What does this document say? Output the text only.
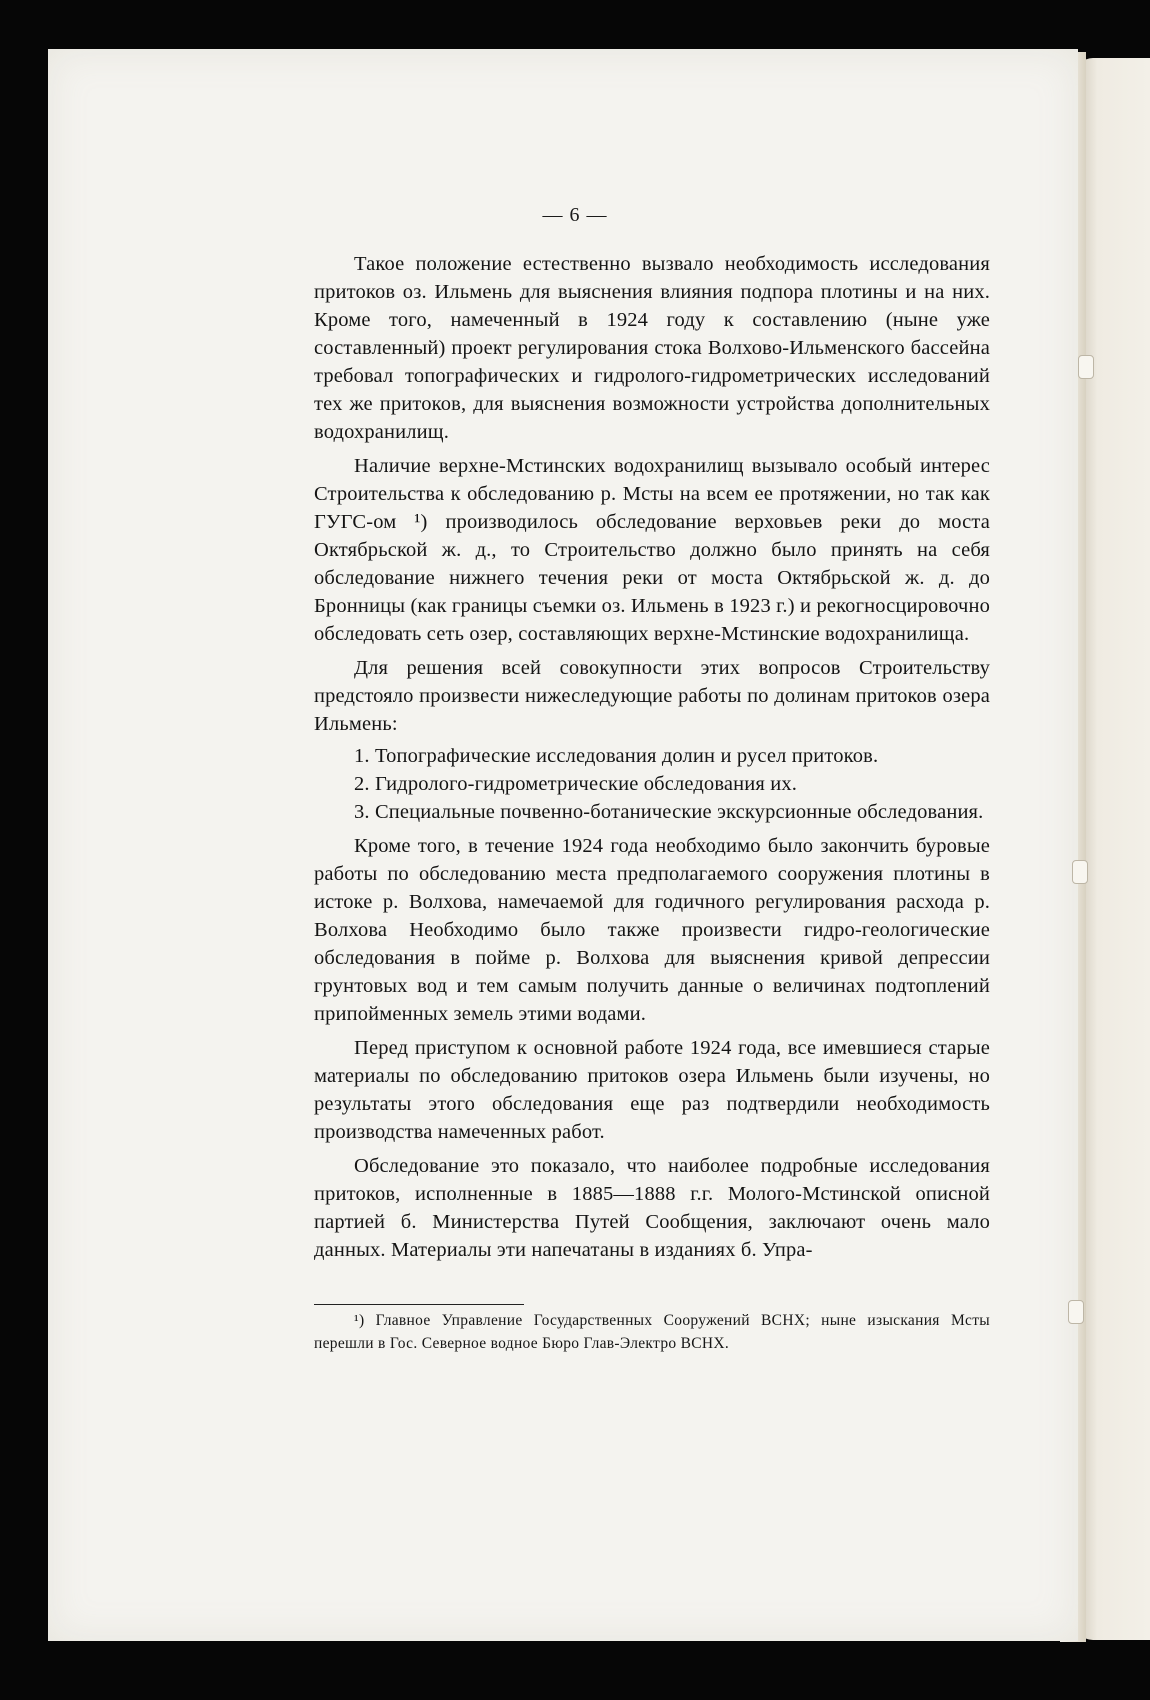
— 6 —

Такое положение естественно вызвало необходимость исследования притоков оз. Ильмень для выяснения влияния подпора плотины и на них. Кроме того, намеченный в 1924 году к составлению (ныне уже составленный) проект регулирования стока Волхово-Ильменского бассейна требовал топографических и гидролого-гидрометрических исследований тех же притоков, для выяснения возможности устройства дополнительных водохранилищ.

Наличие верхне-Мстинских водохранилищ вызывало особый интерес Строительства к обследованию р. Мсты на всем ее протяжении, но так как ГУГС-ом ¹) производилось обследование верховьев реки до моста Октябрьской ж. д., то Строительство должно было принять на себя обследование нижнего течения реки от моста Октябрьской ж. д. до Бронницы (как границы съемки оз. Ильмень в 1923 г.) и рекогносцировочно обследовать сеть озер, составляющих верхне-Мстинские водохранилища.

Для решения всей совокупности этих вопросов Строительству предстояло произвести нижеследующие работы по долинам притоков озера Ильмень:

1. Топографические исследования долин и русел притоков.

2. Гидролого-гидрометрические обследования их.

3. Специальные почвенно-ботанические экскурсионные обследования.

Кроме того, в течение 1924 года необходимо было закончить буровые работы по обследованию места предполагаемого сооружения плотины в истоке р. Волхова, намечаемой для годичного регулирования расхода р. Волхова Необходимо было также произвести гидро-геологические обследования в пойме р. Волхова для выяснения кривой депрессии грунтовых вод и тем самым получить данные о величинах подтоплений припойменных земель этими водами.

Перед приступом к основной работе 1924 года, все имевшиеся старые материалы по обследованию притоков озера Ильмень были изучены, но результаты этого обследования еще раз подтвердили необходимость производства намеченных работ.

Обследование это показало, что наиболее подробные исследования притоков, исполненные в 1885—1888 г.г. Молого-Мстинской описной партией б. Министерства Путей Сообщения, заключают очень мало данных. Материалы эти напечатаны в изданиях б. Упра-

¹) Главное Управление Государственных Сооружений ВСНХ; ныне изыскания Мсты перешли в Гос. Северное водное Бюро Глав-Электро ВСНХ.
